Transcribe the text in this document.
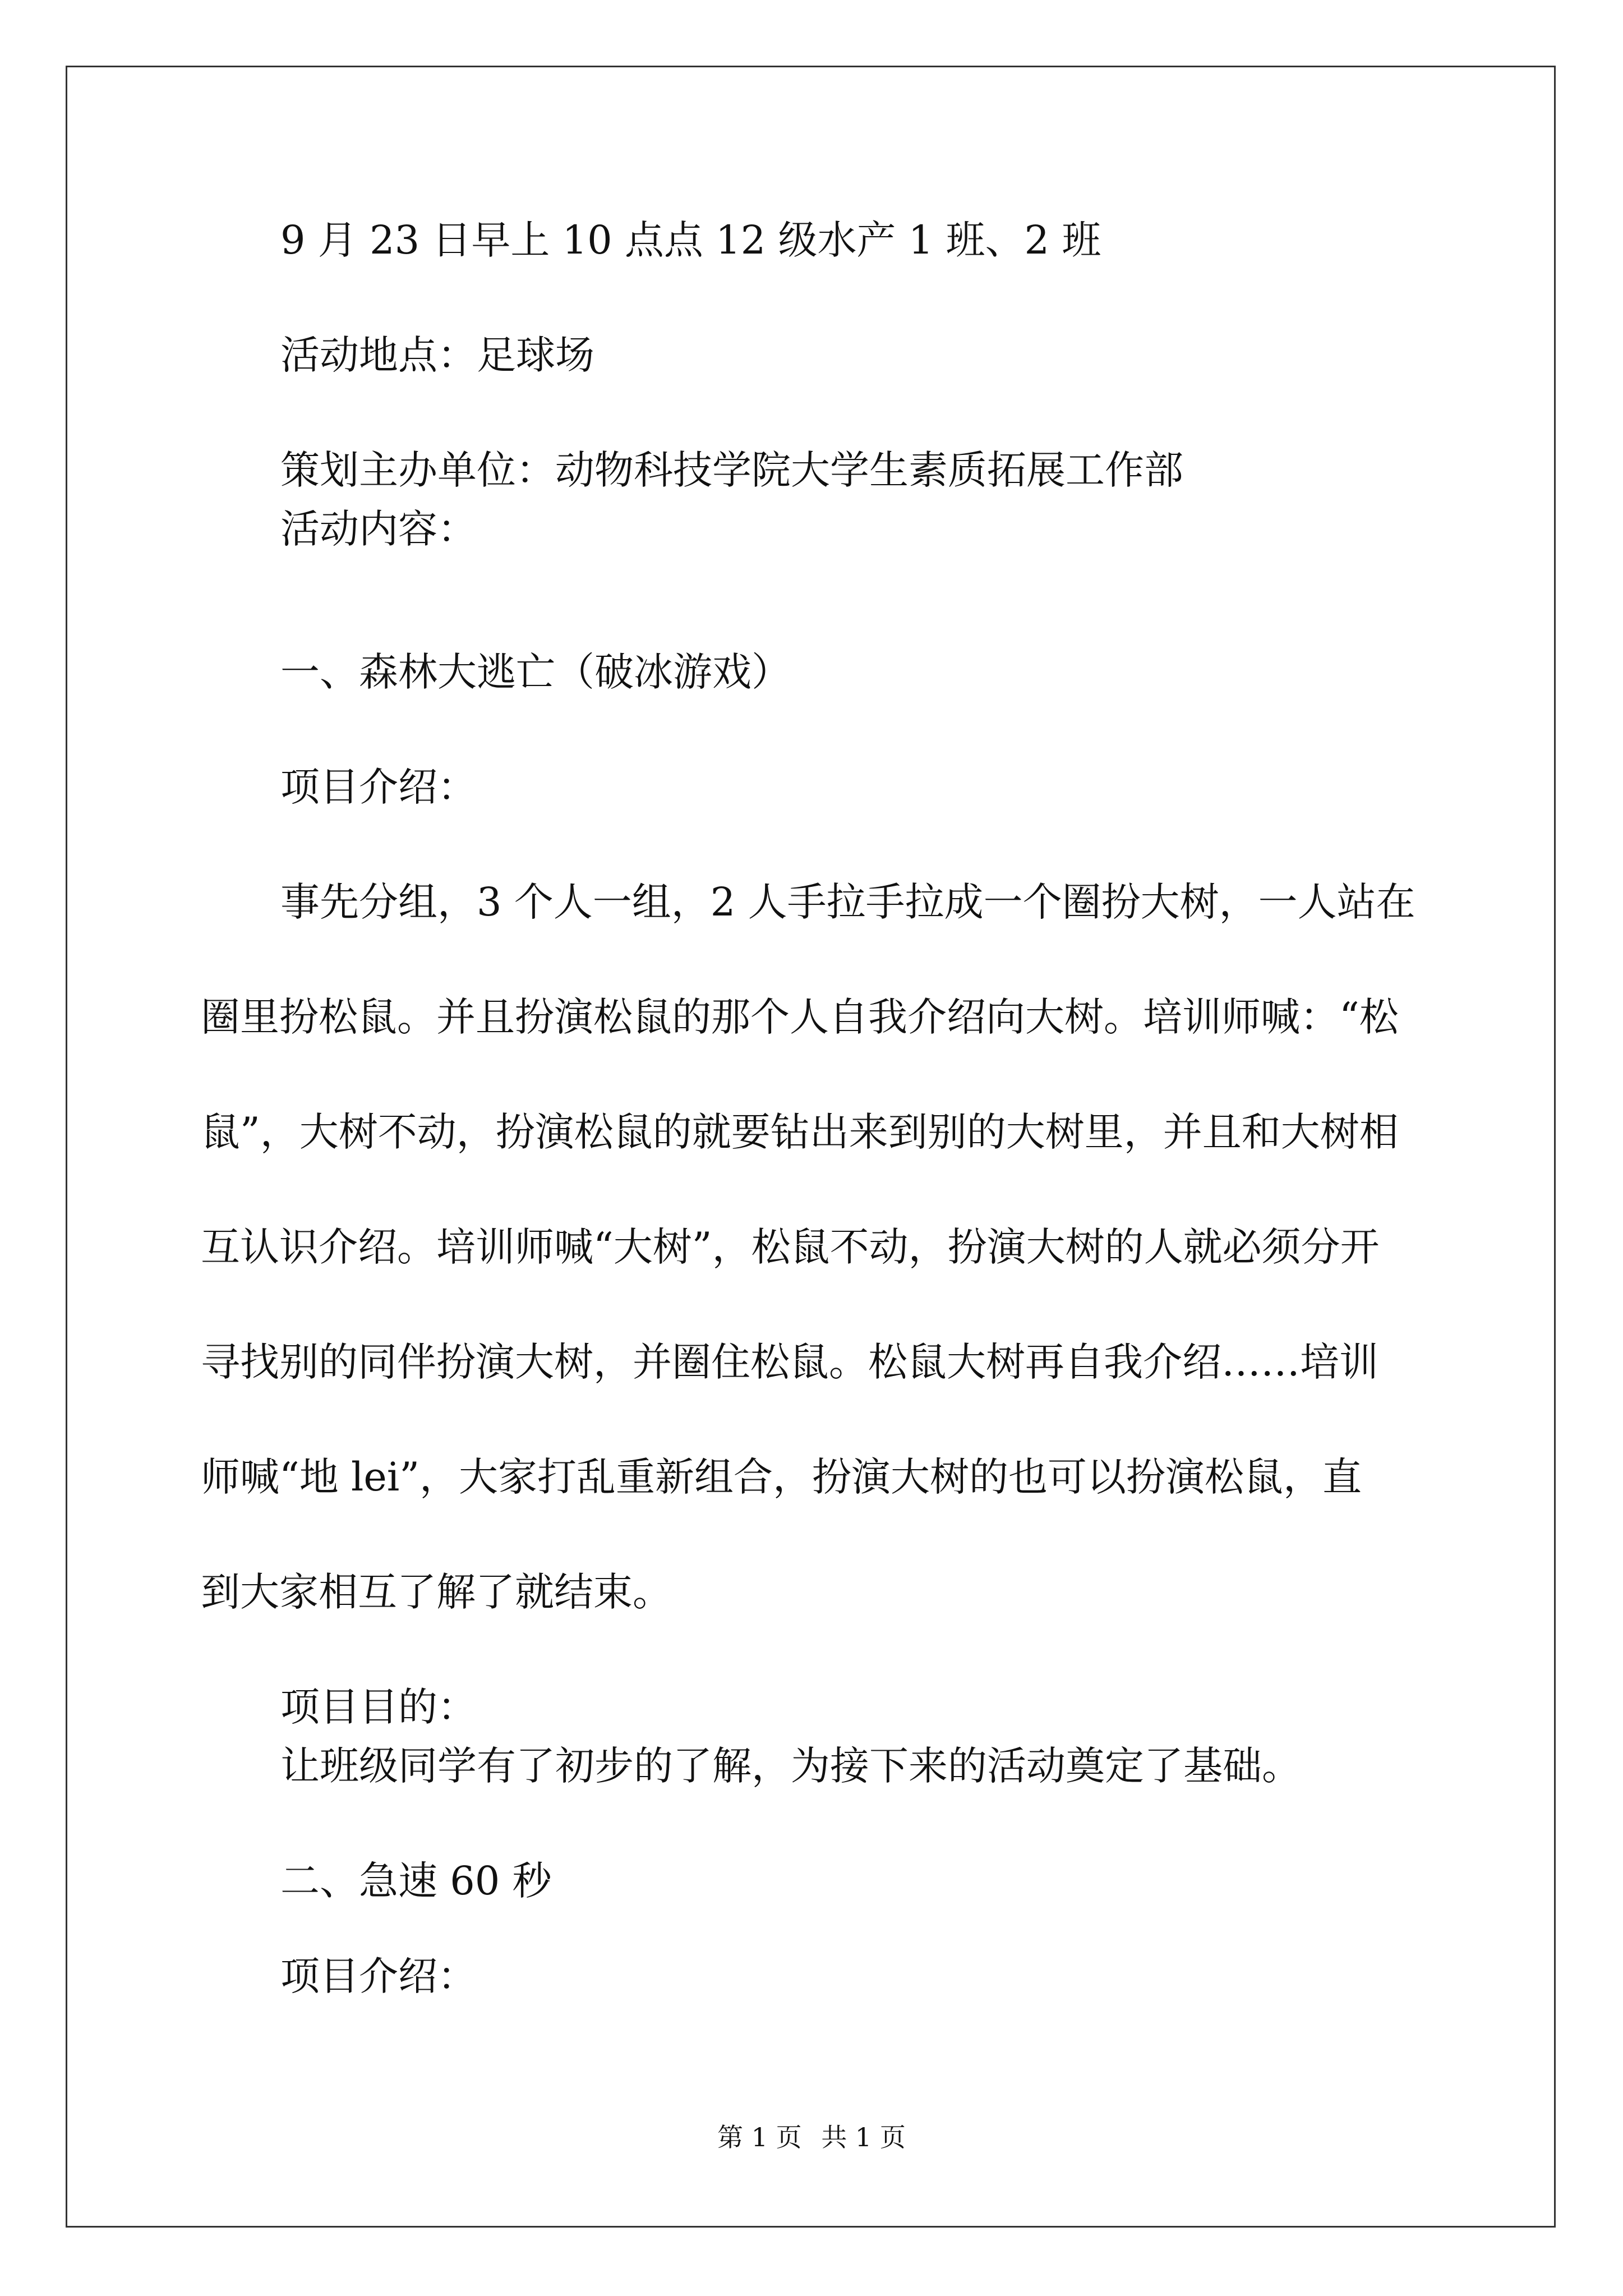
9 月 23 日早上 10 点点 12 级水产 1 班、2 班
活动地点：足球场
策划主办单位：动物科技学院大学生素质拓展工作部
活动内容：
一、森林大逃亡（破冰游戏）
项目介绍：
事先分组，3 个人一组，2 人手拉手拉成一个圈扮大树，一人站在
圈里扮松鼠。并且扮演松鼠的那个人自我介绍向大树。培训师喊：“松
鼠”，大树不动，扮演松鼠的就要钻出来到别的大树里，并且和大树相
互认识介绍。培训师喊“大树”，松鼠不动，扮演大树的人就必须分开
寻找别的同伴扮演大树，并圈住松鼠。松鼠大树再自我介绍……培训
师喊“地 lei”，大家打乱重新组合，扮演大树的也可以扮演松鼠，直
到大家相互了解了就结束。
项目目的：
让班级同学有了初步的了解，为接下来的活动奠定了基础。
二、急速 60 秒
项目介绍：
第 1 页 共 1 页
